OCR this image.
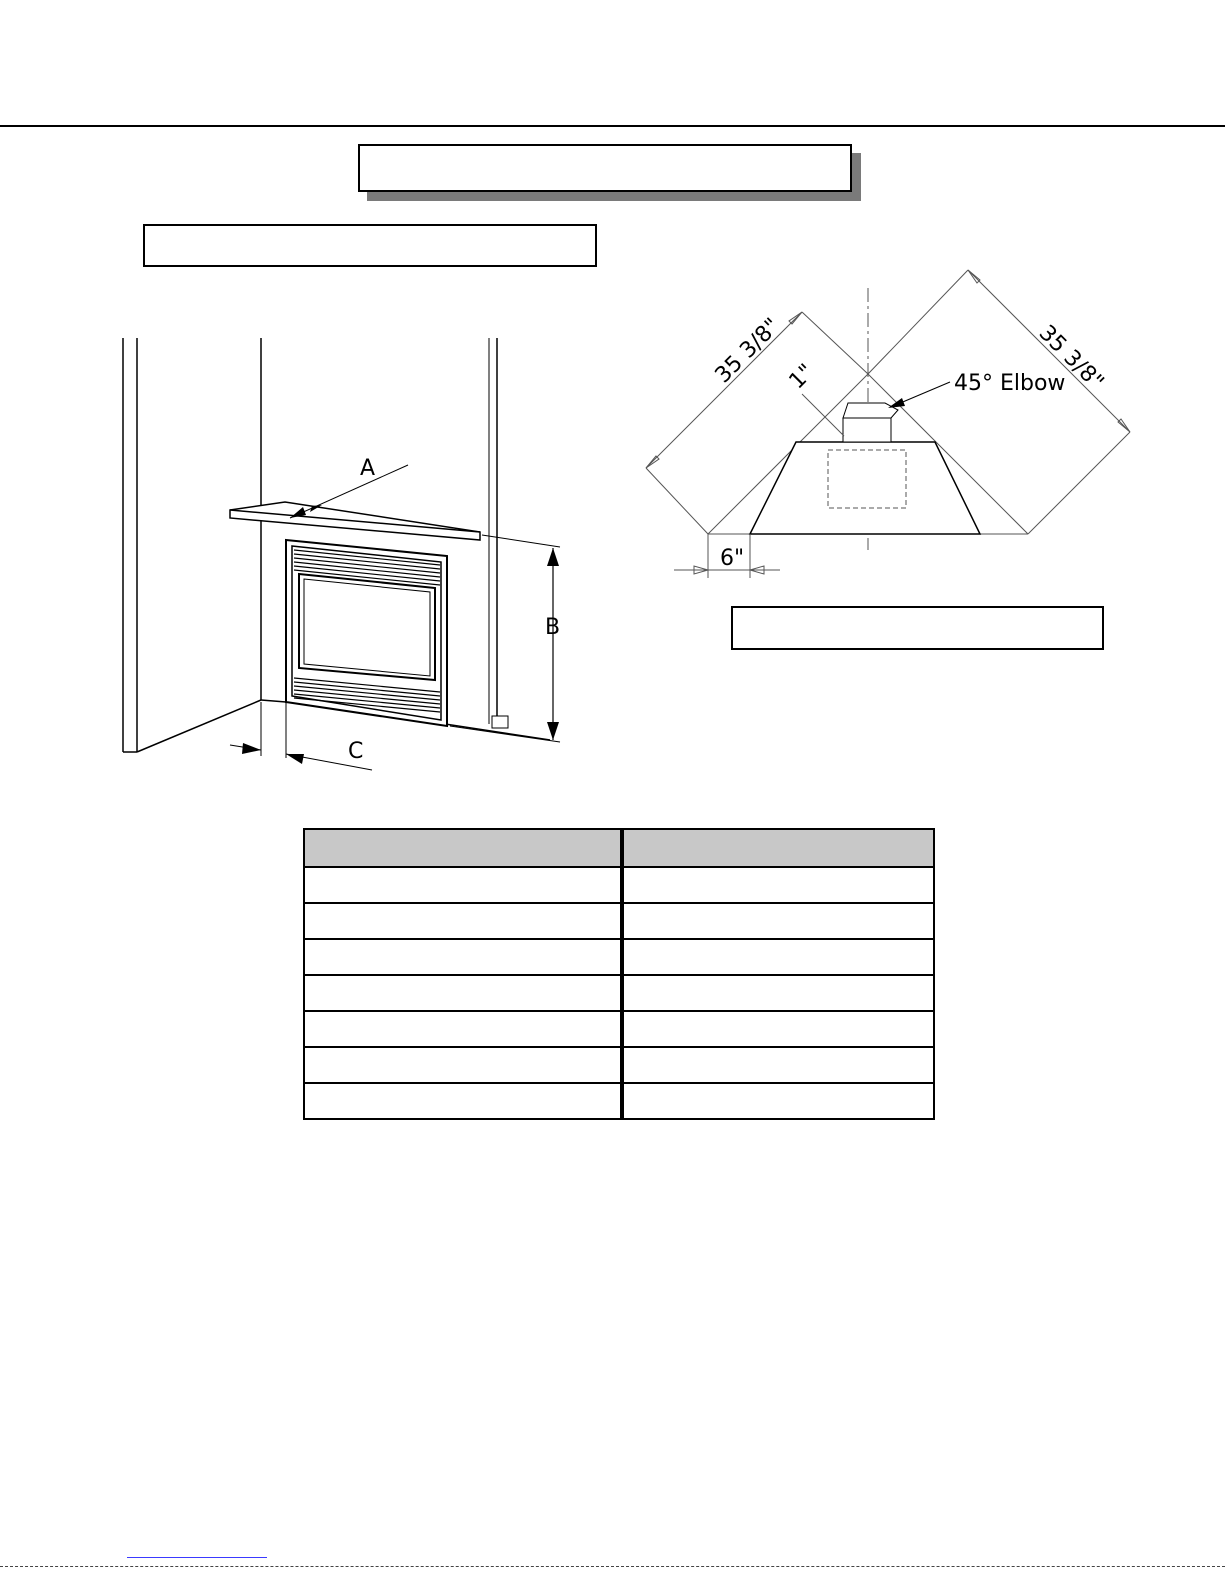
A
B
C
35 3/8"	35 3/8"
1"	45° Elbow
6"
